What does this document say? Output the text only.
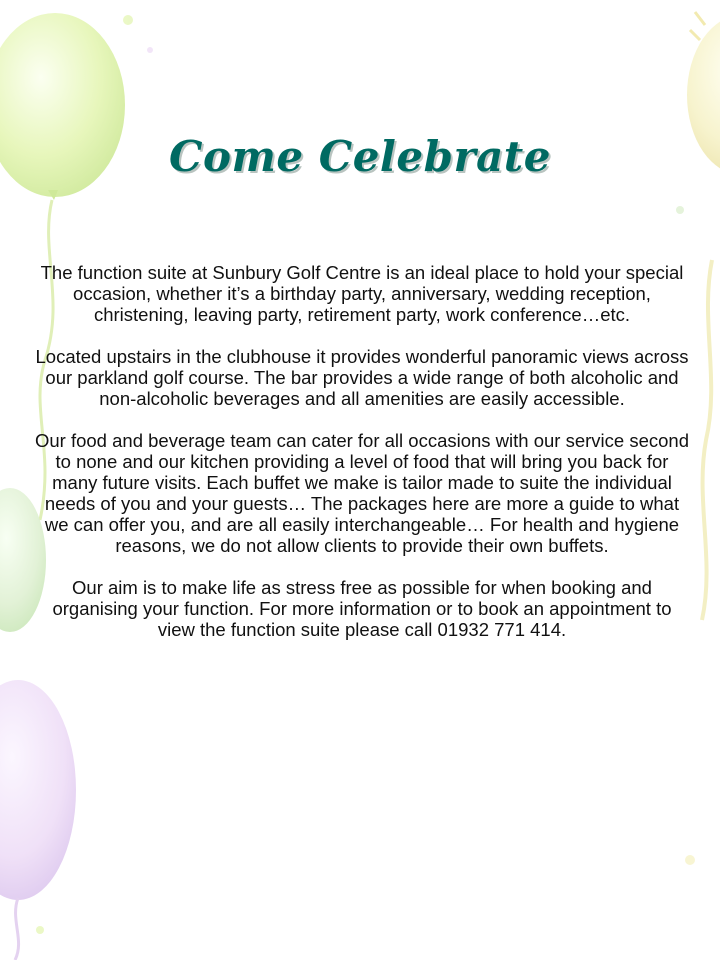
Come Celebrate

The function suite at Sunbury Golf Centre is an ideal place to hold your special occasion, whether it’s a birthday party, anniversary, wedding reception, christening, leaving party, retirement party, work conference…etc.

Located upstairs in the clubhouse it provides wonderful panoramic views across our parkland golf course. The bar provides a wide range of both alcoholic and non-alcoholic beverages and all amenities are easily accessible.

Our food and beverage team can cater for all occasions with our service second to none and our kitchen providing a level of food that will bring you back for many future visits. Each buffet we make is tailor made to suite the individual needs of you and your guests… The packages here are more a guide to what we can offer you, and are all easily interchangeable… For health and hygiene reasons, we do not allow clients to provide their own buffets.

Our aim is to make life as stress free as possible for when booking and organising your function. For more information or to book an appointment to view the function suite please call 01932 771 414.
